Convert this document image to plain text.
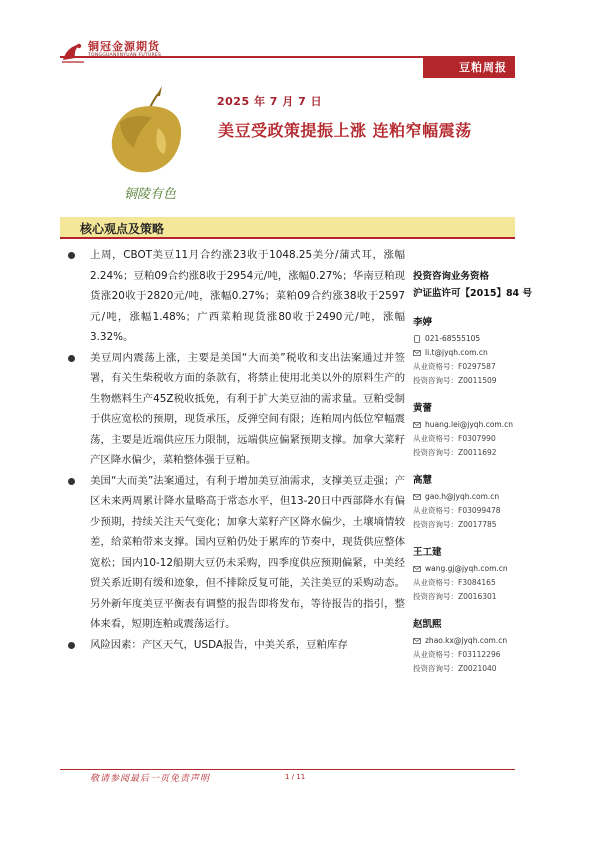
铜冠金源期货
豆粕周报
铜陵有色
2025 年 7 月 7 日
美豆受政策提振上涨 连粕窄幅震荡
核心观点及策略

上周，CBOT美豆11月合约涨23收于1048.25美分/蒲式耳，涨幅2.24%；豆粕09合约涨8收于2954元/吨，涨幅0.27%；华南豆粕现货涨20收于2820元/吨，涨幅0.27%；菜粕09合约涨38收于2597元/吨，涨幅1.48%；广西菜粕现货涨80收于2490元/吨，涨幅3.32%。

美豆周内震荡上涨，主要是美国“大而美”税收和支出法案通过并签署，有关生柴税收方面的条款有，将禁止使用北美以外的原料生产的生物燃料生产45Z税收抵免，有利于扩大美豆油的需求量。豆粕受制于供应宽松的预期，现货承压，反弹空间有限；连粕周内低位窄幅震荡，主要是近端供应压力限制，远端供应偏紧预期支撑。加拿大菜籽产区降水偏少，菜粕整体强于豆粕。

美国“大而美”法案通过，有利于增加美豆油需求，支撑美豆走强；产区未来两周累计降水量略高于常态水平，但13-20日中西部降水有偏少预期，持续关注天气变化；加拿大菜籽产区降水偏少，土壤墒情较差，给菜粕带来支撑。国内豆粕仍处于累库的节奏中，现货供应整体宽松；国内10-12船期大豆仍未采购，四季度供应预期偏紧，中美经贸关系近期有缓和迹象，但不排除反复可能，关注美豆的采购动态。另外新年度美豆平衡表有调整的报告即将发布，等待报告的指引，整体来看，短期连粕或震荡运行。

风险因素：产区天气，USDA报告，中美关系，豆粕库存

投资咨询业务资格
沪证监许可【2015】84 号
李婷
021-68555105
li.t@jyqh.com.cn
从业资格号：F0297587
投资咨询号：Z0011509
黄蕾
huang.lei@jyqh.com.cn
从业资格号：F0307990
投资咨询号：Z0011692
高慧
gao.h@jyqh.com.cn
从业资格号：F03099478
投资咨询号：Z0017785
王工建
wang.gj@jyqh.com.cn
从业资格号：F3084165
投资咨询号：Z0016301
赵凯熙
zhao.kx@jyqh.com.cn
从业资格号：F03112296
投资咨询号：Z0021040
敬请参阅最后一页免责声明	1 / 11
